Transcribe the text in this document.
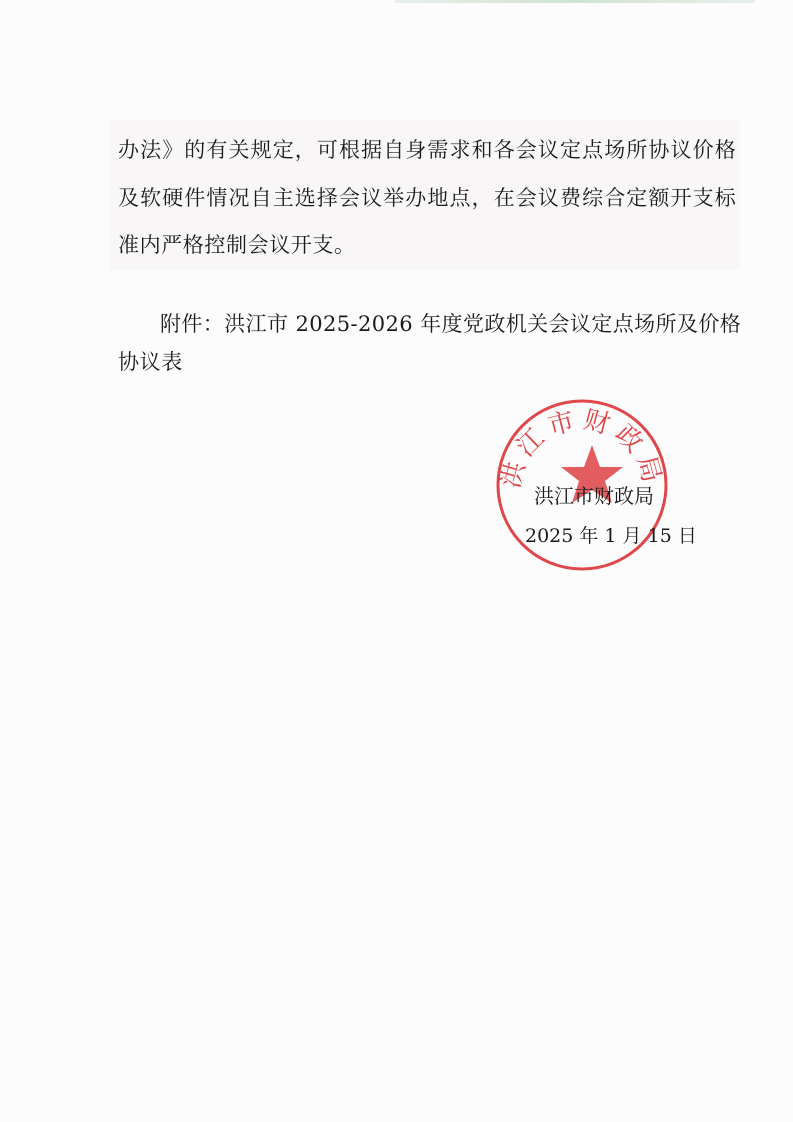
办法》的有关规定，可根据自身需求和各会议定点场所协议价格
及软硬件情况自主选择会议举办地点，在会议费综合定额开支标
准内严格控制会议开支。
附件：洪江市 2025-2026 年度党政机关会议定点场所及价格
协议表
洪江市财政局
洪江市财政局
2025 年 1 月 15 日
